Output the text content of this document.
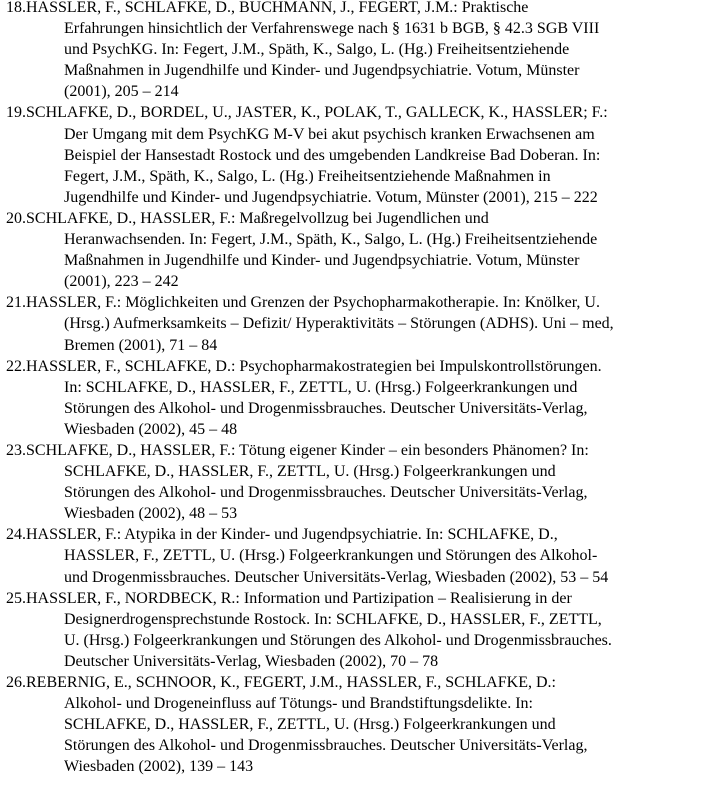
18.HASSLER, F., SCHLAFKE, D., BUCHMANN, J., FEGERT, J.M.: Praktische
Erfahrungen hinsichtlich der Verfahrenswege nach § 1631 b BGB, § 42.3 SGB VIII
und PsychKG. In: Fegert, J.M., Späth, K., Salgo, L. (Hg.) Freiheitsentziehende
Maßnahmen in Jugendhilfe und Kinder- und Jugendpsychiatrie. Votum, Münster
(2001), 205 – 214
19.SCHLAFKE, D., BORDEL, U., JASTER, K., POLAK, T., GALLECK, K., HASSLER; F.:
Der Umgang mit dem PsychKG M-V bei akut psychisch kranken Erwachsenen am
Beispiel der Hansestadt Rostock und des umgebenden Landkreise Bad Doberan. In:
Fegert, J.M., Späth, K., Salgo, L. (Hg.) Freiheitsentziehende Maßnahmen in
Jugendhilfe und Kinder- und Jugendpsychiatrie. Votum, Münster (2001), 215 – 222
20.SCHLAFKE, D., HASSLER, F.: Maßregelvollzug bei Jugendlichen und
Heranwachsenden. In: Fegert, J.M., Späth, K., Salgo, L. (Hg.) Freiheitsentziehende
Maßnahmen in Jugendhilfe und Kinder- und Jugendpsychiatrie. Votum, Münster
(2001), 223 – 242
21.HASSLER, F.: Möglichkeiten und Grenzen der Psychopharmakotherapie. In: Knölker, U.
(Hrsg.) Aufmerksamkeits – Defizit/ Hyperaktivitäts – Störungen (ADHS). Uni – med,
Bremen (2001), 71 – 84
22.HASSLER, F., SCHLAFKE, D.: Psychopharmakostrategien bei Impulskontrollstörungen.
In: SCHLAFKE, D., HASSLER, F., ZETTL, U. (Hrsg.) Folgeerkrankungen und
Störungen des Alkohol- und Drogenmissbrauches. Deutscher Universitäts-Verlag,
Wiesbaden (2002), 45 – 48
23.SCHLAFKE, D., HASSLER, F.: Tötung eigener Kinder – ein besonders Phänomen? In:
SCHLAFKE, D., HASSLER, F., ZETTL, U. (Hrsg.) Folgeerkrankungen und
Störungen des Alkohol- und Drogenmissbrauches. Deutscher Universitäts-Verlag,
Wiesbaden (2002), 48 – 53
24.HASSLER, F.: Atypika in der Kinder- und Jugendpsychiatrie. In: SCHLAFKE, D.,
HASSLER, F., ZETTL, U. (Hrsg.) Folgeerkrankungen und Störungen des Alkohol-
und Drogenmissbrauches. Deutscher Universitäts-Verlag, Wiesbaden (2002), 53 – 54
25.HASSLER, F., NORDBECK, R.: Information und Partizipation – Realisierung in der
Designerdrogensprechstunde Rostock. In: SCHLAFKE, D., HASSLER, F., ZETTL,
U. (Hrsg.) Folgeerkrankungen und Störungen des Alkohol- und Drogenmissbrauches.
Deutscher Universitäts-Verlag, Wiesbaden (2002), 70 – 78
26.REBERNIG, E., SCHNOOR, K., FEGERT, J.M., HASSLER, F., SCHLAFKE, D.:
Alkohol- und Drogeneinfluss auf Tötungs- und Brandstiftungsdelikte. In:
SCHLAFKE, D., HASSLER, F., ZETTL, U. (Hrsg.) Folgeerkrankungen und
Störungen des Alkohol- und Drogenmissbrauches. Deutscher Universitäts-Verlag,
Wiesbaden (2002), 139 – 143
